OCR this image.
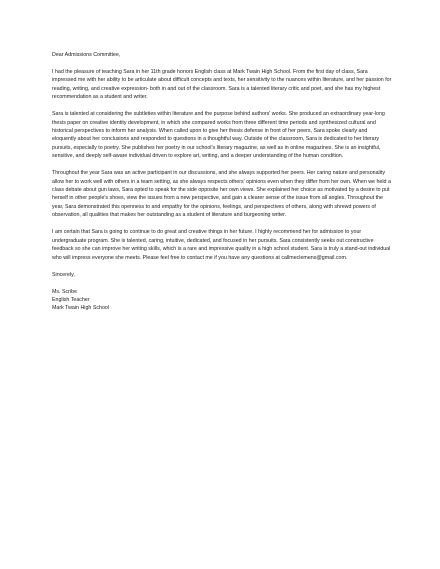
Dear Admissions Committee,

I had the pleasure of teaching Sara in her 11th grade honors English class at Mark Twain High School. From the first day of class, Sara impressed me with her ability to be articulate about difficult concepts and texts, her sensitivity to the nuances within literature, and her passion for reading, writing, and creative expression- both in and out of the classroom. Sara is a talented literary critic and poet, and she has my highest recommendation as a student and writer.

Sara is talented at considering the subtleties within literature and the purpose behind authors' works. She produced an extraordinary year-long thesis paper on creative identity development, in which she compared works from three different time periods and synthesized cultural and historical perspectives to inform her analysis. When called upon to give her thesis defense in front of her peers, Sara spoke clearly and eloquently about her conclusions and responded to questions in a thoughtful way. Outside of the classroom, Sara is dedicated to her literary pursuits, especially to poetry. She publishes her poetry in our school's literary magazine, as well as in online magazines. She is an insightful, sensitive, and deeply self-aware individual driven to explore art, writing, and a deeper understanding of the human condition.

Throughout the year Sara was an active participant in our discussions, and she always supported her peers. Her caring nature and personality allow her to work well with others in a team setting, as she always respects others' opinions even when they differ from her own. When we held a class debate about gun laws, Sara opted to speak for the side opposite her own views. She explained her choice as motivated by a desire to put herself in other people's shoes, view the issues from a new perspective, and gain a clearer sense of the issue from all angles. Throughout the year, Sara demonstrated this openness to and empathy for the opinions, feelings, and perspectives of others, along with shrewd powers of observation, all qualities that makes her outstanding as a student of literature and burgeoning writer.

I am certain that Sara is going to continue to do great and creative things in her future. I highly recommend her for admission to your undergraduate program. She is talented, caring, intuitive, dedicated, and focused in her pursuits. Sara consistently seeks out constructive feedback so she can improve her writing skills, which is a rare and impressive quality in a high school student. Sara is truly a stand-out individual who will impress everyone she meets. Please feel free to contact me if you have any questions at callmeclemens@gmail.com.

Sincerely,

Ms. Scribe
English Teacher
Mark Twain High School
